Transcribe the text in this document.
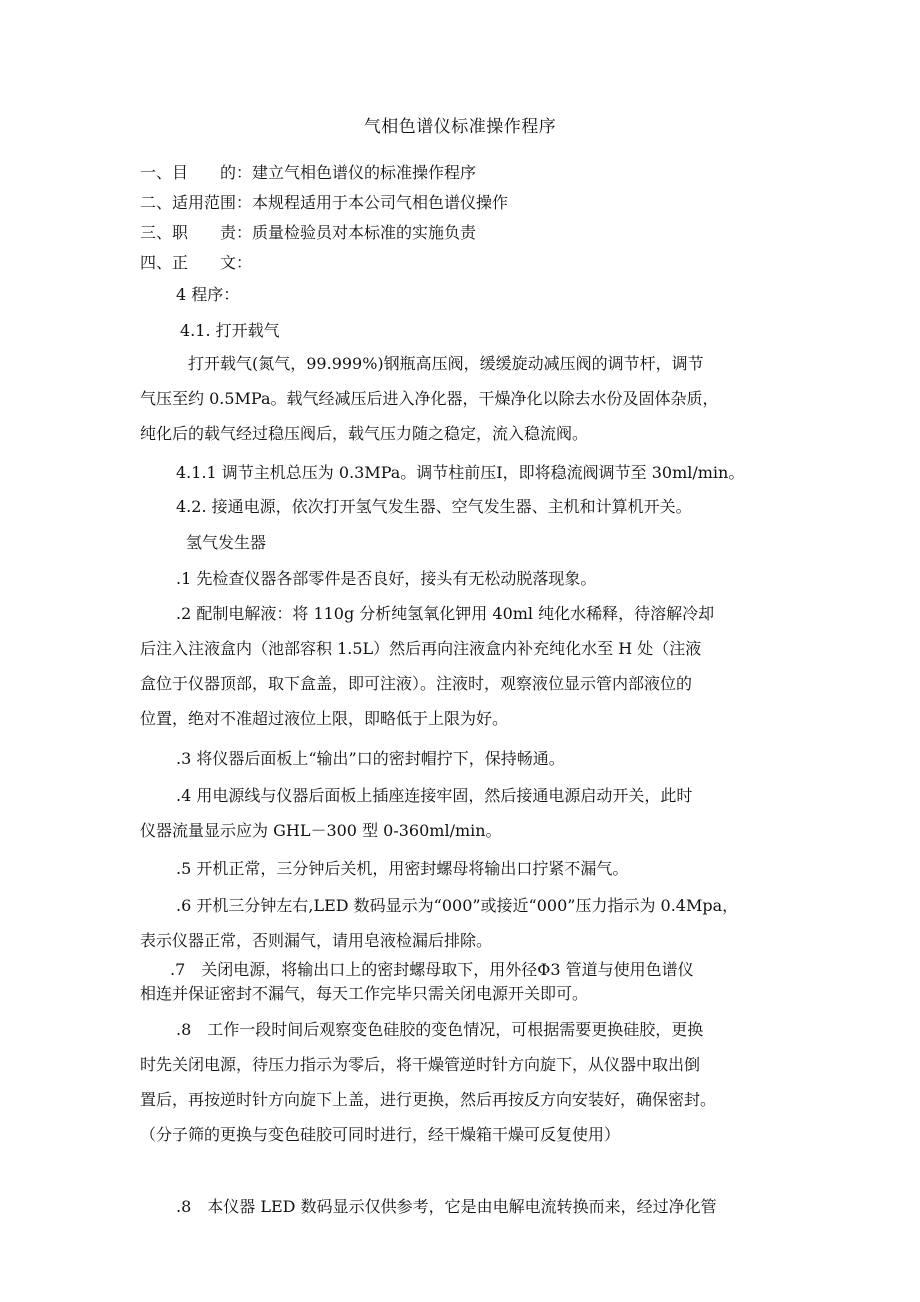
气相色谱仪标准操作程序
一、目　　的：建立气相色谱仪的标准操作程序
二、适用范围：本规程适用于本公司气相色谱仪操作
三、职　　责：质量检验员对本标准的实施负责
四、正　　文：
4 程序：
4.1. 打开载气
　打开载气(氮气，99.999%)钢瓶高压阀，缓缓旋动减压阀的调节杆，调节
气压至约 0.5MPa。载气经减压后进入净化器，干燥净化以除去水份及固体杂质，
纯化后的载气经过稳压阀后，载气压力随之稳定，流入稳流阀。
4.1.1 调节主机总压为 0.3MPa。调节柱前压Ⅰ，即将稳流阀调节至 30ml/min。
4.2. 接通电源，依次打开氢气发生器、空气发生器、主机和计算机开关。
氢气发生器
.1 先检查仪器各部零件是否良好，接头有无松动脱落现象。
.2 配制电解液：将 110g 分析纯氢氧化钾用 40ml 纯化水稀释，待溶解冷却
后注入注液盒内（池部容积 1.5L）然后再向注液盒内补充纯化水至 H 处（注液
盒位于仪器顶部，取下盒盖，即可注液）。注液时，观察液位显示管内部液位的
位置，绝对不准超过液位上限，即略低于上限为好。
.3 将仪器后面板上“输出”口的密封帽拧下，保持畅通。
.4 用电源线与仪器后面板上插座连接牢固，然后接通电源启动开关，此时
仪器流量显示应为 GHL－300 型 0-360ml/min。
.5 开机正常，三分钟后关机，用密封螺母将输出口拧紧不漏气。
.6 开机三分钟左右,LED 数码显示为“000”或接近“000”压力指示为 0.4Mpa，
表示仪器正常，否则漏气，请用皂液检漏后排除。
.7　关闭电源，将输出口上的密封螺母取下，用外径Φ3 管道与使用色谱仪
相连并保证密封不漏气，每天工作完毕只需关闭电源开关即可。
.8　工作一段时间后观察变色硅胶的变色情况，可根据需要更换硅胶，更换
时先关闭电源，待压力指示为零后，将干燥管逆时针方向旋下，从仪器中取出倒
置后，再按逆时针方向旋下上盖，进行更换，然后再按反方向安装好，确保密封。
（分子筛的更换与变色硅胶可同时进行，经干燥箱干燥可反复使用）
.8　本仪器 LED 数码显示仅供参考，它是由电解电流转换而来，经过净化管
